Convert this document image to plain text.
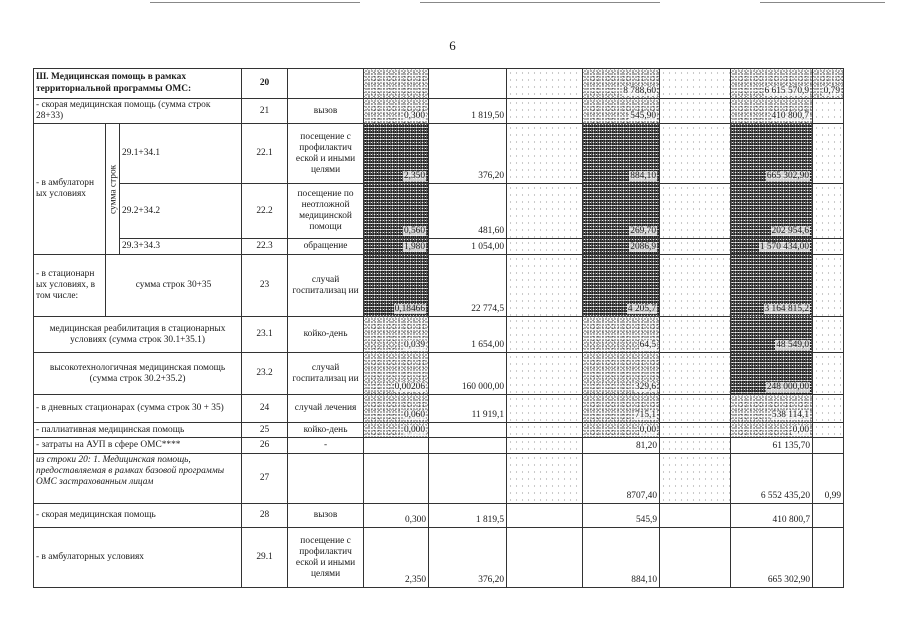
6
Ш. Медицинская помощь в рамках территориальной программы ОМС:			20					8 788,60		6 615 570,9	0,79
- скорая медицинская помощь (сумма строк 28+33)			21	вызов	0,300	1 819,50		545,90		410 800,7	
- в амбулаторн ых условиях	сумма строк	29.1+34.1	22.1	посещение с профилактич еской и иными целями	2,350	376,20		884,10		665 302,90	
		29.2+34.2	22.2	посещение по неотложной медицинской помощи	0,560	481,60		269,70		202 954,6	
		29.3+34.3	22.3	обращение	1,980	1 054,00		2086,9		1 570 434,00	
- в стационарн ых условиях, в том числе:	сумма строк 30+35		23	случай госпитализац ии	0,18466	22 774,5		4 205,7		3 164 815,2	
медицинская реабилитация в стационарных условиях (сумма строк 30.1+35.1)			23.1	койко-день	0,039	1 654,00		64,5		48 549,0	
высокотехнологичная медицинская помощь (сумма строк 30.2+35.2)			23.2	случай госпитализац ии	0,00206	160 000,00		329,6		248 000,00	
- в дневных стационарах (сумма строк 30 + 35)			24	случай лечения	0,060	11 919,1		715,1		538 114,1	
- паллиативная медицинская помощь			25	койко-день	0,000			0,00		0,00	
- затраты на АУП в сфере ОМС****			26	-				81,20		61 135,70	
из строки 20: 1. Медицинская помощь, предоставляемая в рамках базовой программы ОМС застрахованным лицам			27					8707,40		6 552 435,20	0,99
- скорая медицинская помощь			28	вызов	0,300	1 819,5		545,9		410 800,7	
- в амбулаторных условиях			29.1	посещение с профилактич еской и иными целями	2,350	376,20		884,10		665 302,90	
